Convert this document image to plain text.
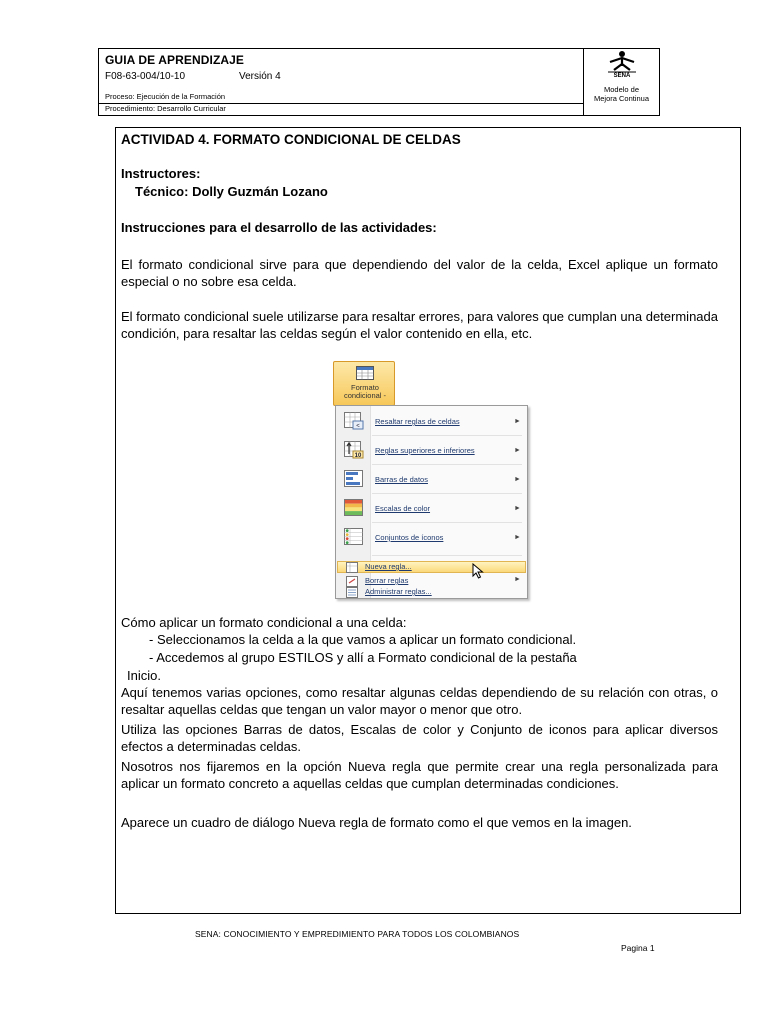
GUIA DE APRENDIZAJE
F08-63-004/10-10	Versión 4
Proceso: Ejecución de la Formación
Procedimiento: Desarrollo Curricular
SENA
Modelo de
Mejora Continua
ACTIVIDAD 4. FORMATO CONDICIONAL DE CELDAS
Instructores:
Técnico: Dolly Guzmán Lozano
Instrucciones para el desarrollo de las actividades:
El formato condicional sirve para que dependiendo del valor de la celda, Excel aplique un formato especial o no sobre esa celda.
El formato condicional suele utilizarse para resaltar errores, para valores que cumplan una determinada condición, para resaltar las celdas según el valor contenido en ella, etc.
Formato
condicional -
<
Resaltar reglas de celdas	►
10
Reglas superiores e inferiores	►
Barras de datos	►
Escalas de color	►
Conjuntos de íconos	►
Nueva regla...
Borrar reglas	►
Administrar reglas...
Cómo aplicar un formato condicional a una celda:
- Seleccionamos la celda a la que vamos a aplicar un formato condicional.
- Accedemos al grupo ESTILOS y allí a Formato condicional de la pestaña
Inicio.
Aquí tenemos varias opciones, como resaltar algunas celdas dependiendo de su relación con otras, o resaltar aquellas celdas que tengan un valor mayor o menor que otro.
Utiliza las opciones Barras de datos, Escalas de color y Conjunto de iconos para aplicar diversos efectos a determinadas celdas.
Nosotros nos fijaremos en la opción Nueva regla que permite crear una regla personalizada para aplicar un formato concreto a aquellas celdas que cumplan determinadas condiciones.
Aparece un cuadro de diálogo Nueva regla de formato como el que vemos en la imagen.
SENA: CONOCIMIENTO Y EMPREDIMIENTO PARA TODOS LOS COLOMBIANOS
Pagina 1
